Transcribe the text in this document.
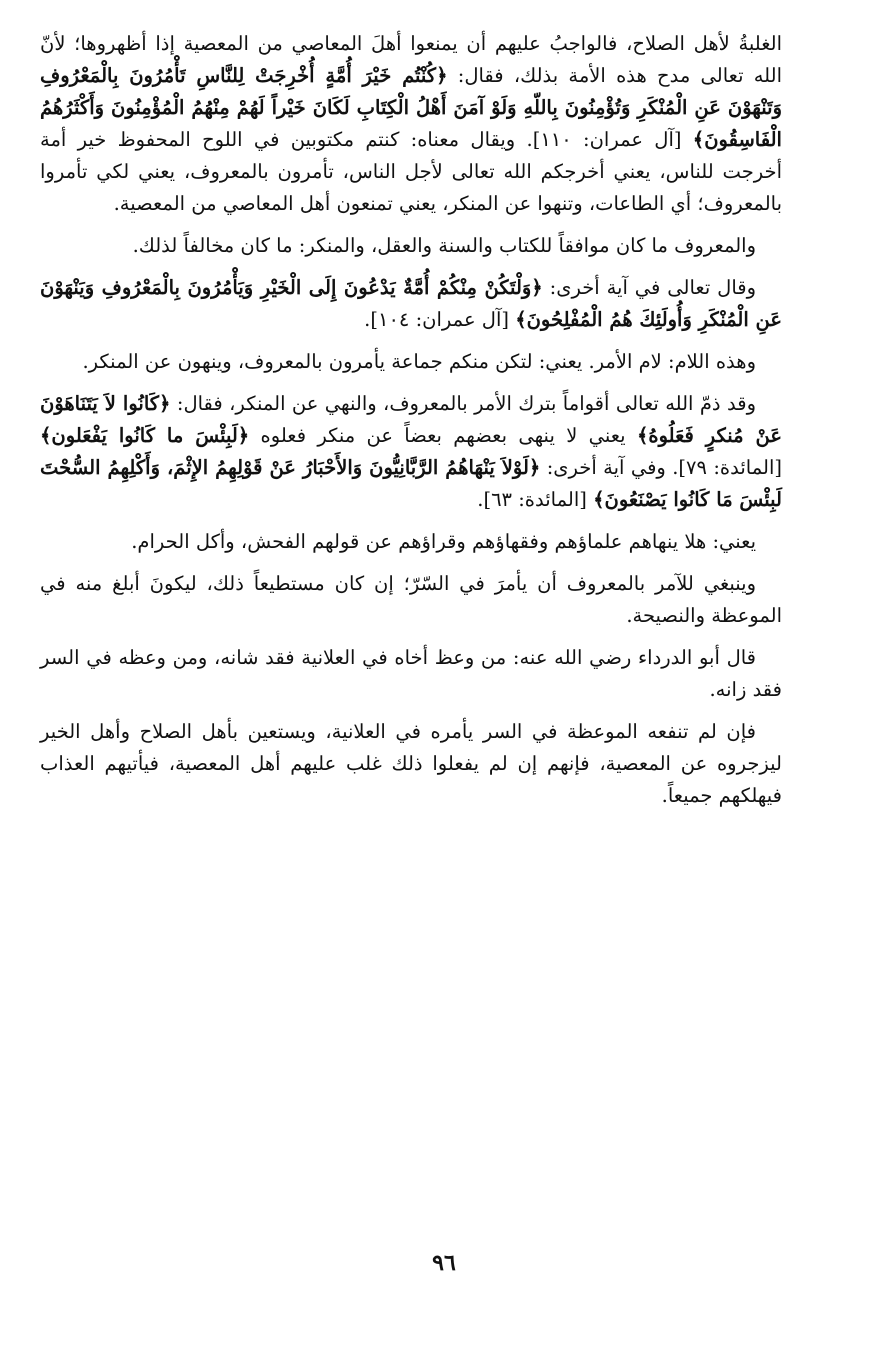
الغلبةُ لأهل الصلاح، فالواجبُ عليهم أن يمنعوا أهلَ المعاصي من المعصية إذا أظهروها؛ لأنّ الله تعالى مدح هذه الأمة بذلك، فقال: ﴿كُنْتُم خَيْرَ أُمَّةٍ أُخْرِجَتْ لِلنَّاسِ تَأْمُرُونَ بِالْمَعْرُوفِ وَتَنْهَوْنَ عَنِ الْمُنْكَرِ وَتُؤْمِنُونَ بِاللّهِ وَلَوْ آمَنَ أَهْلُ الْكِتَابِ لَكَانَ خَيْراً لَهُمْ مِنْهُمُ الْمُؤْمِنُونَ وَأَكْثَرُهُمُ الْفَاسِقُونَ﴾ [آل عمران: ١١٠]. ويقال معناه: كنتم مكتوبين في اللوح المحفوظ خير أمة أخرجت للناس، يعني أخرجكم الله تعالى لأجل الناس، تأمرون بالمعروف، يعني لكي تأمروا بالمعروف؛ أي الطاعات، وتنهوا عن المنكر، يعني تمنعون أهل المعاصي من المعصية.

والمعروف ما كان موافقاً للكتاب والسنة والعقل، والمنكر: ما كان مخالفاً لذلك.

وقال تعالى في آية أخرى: ﴿وَلْتَكُنْ مِنْكُمْ أُمَّةٌ يَدْعُونَ إِلَى الْخَيْرِ وَيَأْمُرُونَ بِالْمَعْرُوفِ وَيَنْهَوْنَ عَنِ الْمُنْكَرِ وَأُولَئِكَ هُمُ الْمُفْلِحُونَ﴾ [آل عمران: ١٠٤].

وهذه اللام: لام الأمر. يعني: لتكن منكم جماعة يأمرون بالمعروف، وينهون عن المنكر.

وقد ذمّ الله تعالى أقواماً بترك الأمر بالمعروف، والنهي عن المنكر، فقال: ﴿كَانُوا لاَ يَتَنَاهَوْنَ عَنْ مُنكرٍ فَعَلُوهُ﴾ يعني لا ينهى بعضهم بعضاً عن منكر فعلوه ﴿لَبِئْسَ ما كَانُوا يَفْعَلون﴾ [المائدة: ٧٩]. وفي آية أخرى: ﴿لَوْلاَ يَنْهَاهُمُ الرَّبَّانِيُّونَ وَالأَحْبَارُ عَنْ قَوْلِهِمُ الإِثْمَ، وَأَكْلِهِمُ السُّحْتَ لَبِئْسَ مَا كَانُوا يَصْنَعُونَ﴾ [المائدة: ٦٣].

يعني: هلا ينهاهم علماؤهم وفقهاؤهم وقراؤهم عن قولهم الفحش، وأكل الحرام.

وينبغي للآمر بالمعروف أن يأمرَ في السّرّ؛ إن كان مستطيعاً ذلك، ليكونَ أبلغ منه في الموعظة والنصيحة.

قال أبو الدرداء رضي الله عنه: من وعظ أخاه في العلانية فقد شانه، ومن وعظه في السر فقد زانه.

فإن لم تنفعه الموعظة في السر يأمره في العلانية، ويستعين بأهل الصلاح وأهل الخير ليزجروه عن المعصية، فإنهم إن لم يفعلوا ذلك غلب عليهم أهل المعصية، فيأتيهم العذاب فيهلكهم جميعاً.

٩٦
